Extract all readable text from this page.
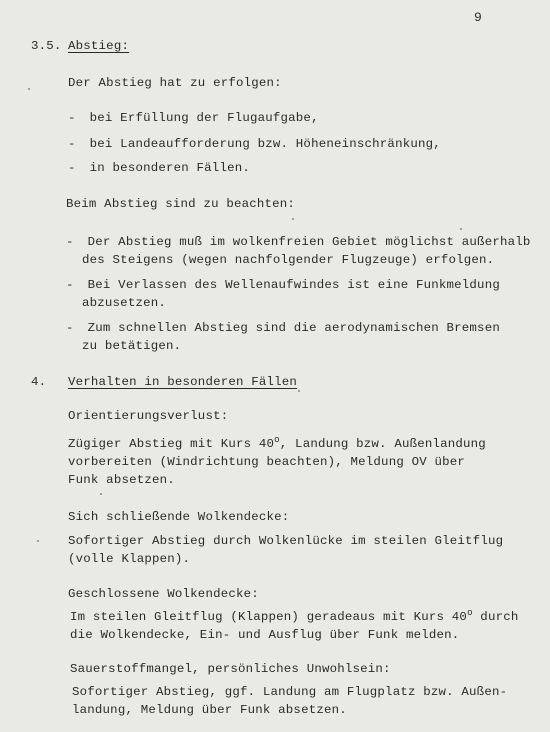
9
3.5. Abstieg:
Der Abstieg hat zu erfolgen:
- bei Erfüllung der Flugaufgabe,
- bei Landeaufforderung bzw. Höheneinschränkung,
- in besonderen Fällen.
Beim Abstieg sind zu beachten:
- Der Abstieg muß im wolkenfreien Gebiet möglichst außerhalb
des Steigens (wegen nachfolgender Flugzeuge) erfolgen.
- Bei Verlassen des Wellenaufwindes ist eine Funkmeldung
abzusetzen.
- Zum schnellen Abstieg sind die aerodynamischen Bremsen
zu betätigen.
4. Verhalten in besonderen Fällen
Orientierungsverlust:
Zügiger Abstieg mit Kurs 40$^o$, Landung bzw. Außenlandung
vorbereiten (Windrichtung beachten), Meldung OV über
Funk absetzen.
Sich schließende Wolkendecke:
Sofortiger Abstieg durch Wolkenlücke im steilen Gleitflug
(volle Klappen).
Geschlossene Wolkendecke:
Im steilen Gleitflug (Klappen) geradeaus mit Kurs 40$^o$ durch
die Wolkendecke, Ein- und Ausflug über Funk melden.
Sauerstoffmangel, persönliches Unwohlsein:
Sofortiger Abstieg, ggf. Landung am Flugplatz bzw. Außen-
landung, Meldung über Funk absetzen.
